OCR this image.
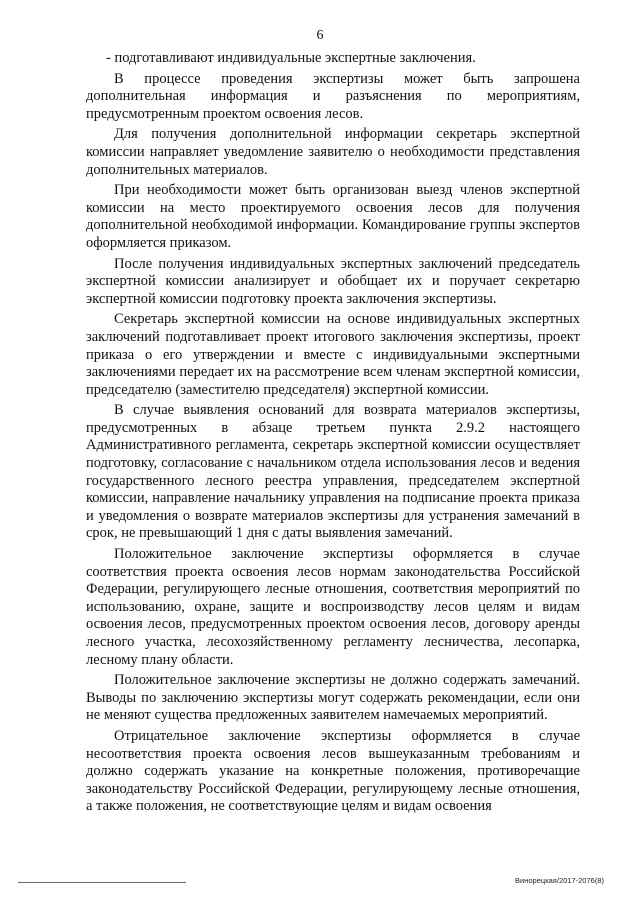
6

- подготавливают индивидуальные экспертные заключения.

В процессе проведения экспертизы может быть запрошена дополнительная информация и разъяснения по мероприятиям, предусмотренным проектом освоения лесов.

Для получения дополнительной информации секретарь экспертной комиссии направляет уведомление заявителю о необходимости представления дополнительных материалов.

При необходимости может быть организован выезд членов экспертной комиссии на место проектируемого освоения лесов для получения дополнительной необходимой информации. Командирование группы экспертов оформляется приказом.

После получения индивидуальных экспертных заключений председатель экспертной комиссии анализирует и обобщает их и поручает секретарю экспертной комиссии подготовку проекта заключения экспертизы.

Секретарь экспертной комиссии на основе индивидуальных экспертных заключений подготавливает проект итогового заключения экспертизы, проект приказа о его утверждении и вместе с индивидуальными экспертными заключениями передает их на рассмотрение всем членам экспертной комиссии, председателю (заместителю председателя) экспертной комиссии.

В случае выявления оснований для возврата материалов экспертизы, предусмотренных в абзаце третьем пункта 2.9.2 настоящего Административного регламента, секретарь экспертной комиссии осуществляет подготовку, согласование с начальником отдела использования лесов и ведения государственного лесного реестра управления, председателем экспертной комиссии, направление начальнику управления на подписание проекта приказа и уведомления о возврате материалов экспертизы для устранения замечаний в срок, не превышающий 1 дня с даты выявления замечаний.

Положительное заключение экспертизы оформляется в случае соответствия проекта освоения лесов нормам законодательства Российской Федерации, регулирующего лесные отношения, соответствия мероприятий по использованию, охране, защите и воспроизводству лесов целям и видам освоения лесов, предусмотренных проектом освоения лесов, договору аренды лесного участка, лесохозяйственному регламенту лесничества, лесопарка, лесному плану области.

Положительное заключение экспертизы не должно содержать замечаний. Выводы по заключению экспертизы могут содержать рекомендации, если они не меняют существа предложенных заявителем намечаемых мероприятий.

Отрицательное заключение экспертизы оформляется в случае несоответствия проекта освоения лесов вышеуказанным требованиям и должно содержать указание на конкретные положения, противоречащие законодательству Российской Федерации, регулирующему лесные отношения, а также положения, не соответствующие целям и видам освоения

Винорецкая/2017-2076(8)
